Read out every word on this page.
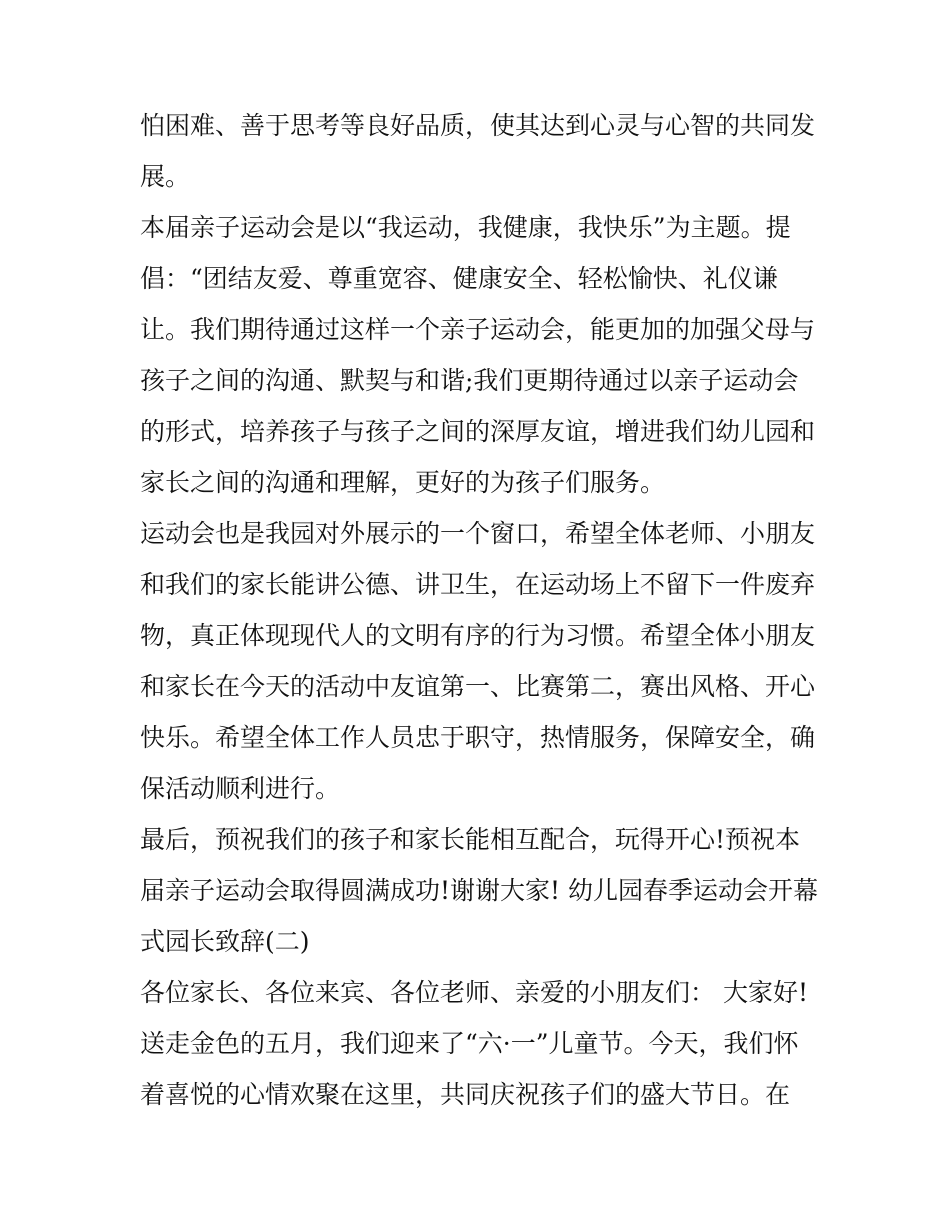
怕困难、善于思考等良好品质，使其达到心灵与心智的共同发
展。
本届亲子运动会是以“我运动，我健康，我快乐”为主题。提
倡：“团结友爱、尊重宽容、健康安全、轻松愉快、礼仪谦
让。我们期待通过这样一个亲子运动会，能更加的加强父母与
孩子之间的沟通、默契与和谐;我们更期待通过以亲子运动会
的形式，培养孩子与孩子之间的深厚友谊，增进我们幼儿园和
家长之间的沟通和理解，更好的为孩子们服务。
运动会也是我园对外展示的一个窗口，希望全体老师、小朋友
和我们的家长能讲公德、讲卫生，在运动场上不留下一件废弃
物，真正体现现代人的文明有序的行为习惯。希望全体小朋友
和家长在今天的活动中友谊第一、比赛第二，赛出风格、开心
快乐。希望全体工作人员忠于职守，热情服务，保障安全，确
保活动顺利进行。
最后，预祝我们的孩子和家长能相互配合，玩得开心!预祝本
届亲子运动会取得圆满成功!谢谢大家! 幼儿园春季运动会开幕
式园长致辞(二)
各位家长、各位来宾、各位老师、亲爱的小朋友们： 大家好!
送走金色的五月，我们迎来了“六·一”儿童节。今天，我们怀
着喜悦的心情欢聚在这里，共同庆祝孩子们的盛大节日。在
